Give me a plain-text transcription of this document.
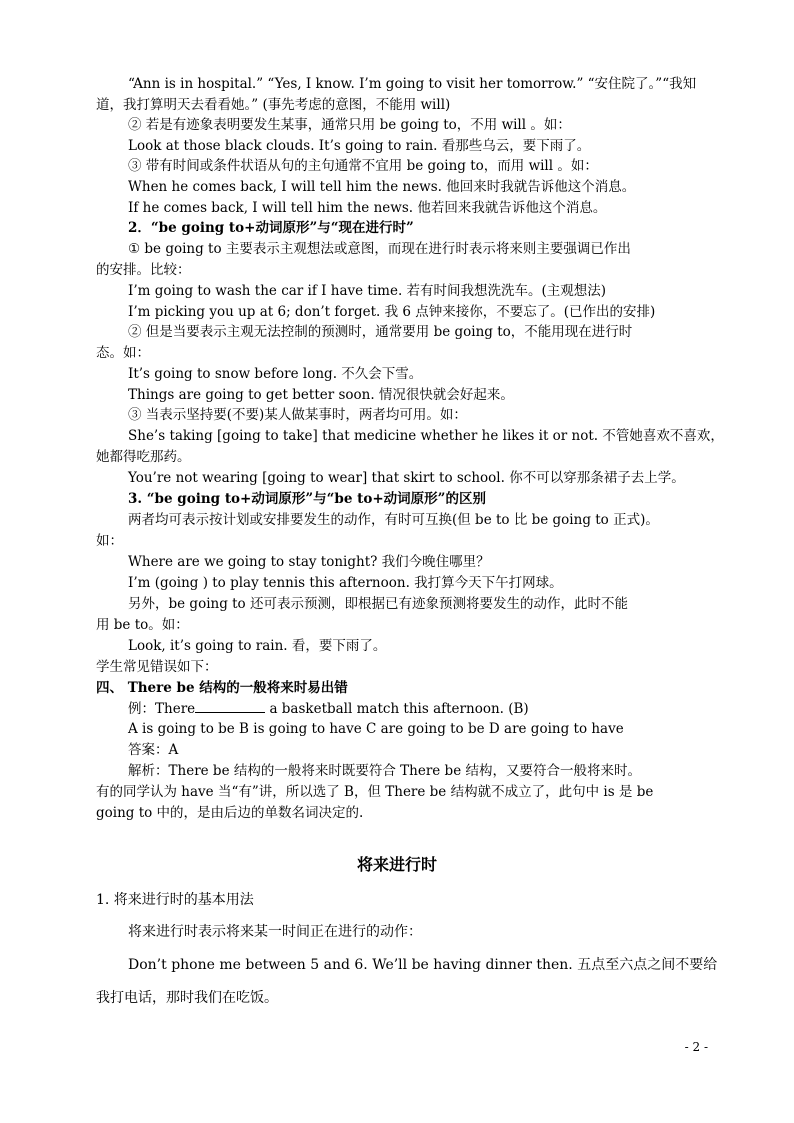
“Ann is in hospital.” “Yes, I know. I’m going to visit her tomorrow.” “安住院了。”“我知
道，我打算明天去看看她。” (事先考虑的意图，不能用 will)
② 若是有迹象表明要发生某事，通常只用 be going to，不用 will 。如：
Look at those black clouds. It’s going to rain. 看那些乌云，要下雨了。
③ 带有时间或条件状语从句的主句通常不宜用 be going to，而用 will 。如：
When he comes back, I will tell him the news. 他回来时我就告诉他这个消息。
If he comes back, I will tell him the news. 他若回来我就告诉他这个消息。
2．“be going to+动词原形”与“现在进行时”
① be going to 主要表示主观想法或意图，而现在进行时表示将来则主要强调已作出
的安排。比较：
I’m going to wash the car if I have time. 若有时间我想洗洗车。(主观想法)
I’m picking you up at 6; don’t forget. 我 6 点钟来接你，不要忘了。(已作出的安排)
② 但是当要表示主观无法控制的预测时，通常要用 be going to，不能用现在进行时
态。如：
It’s going to snow before long. 不久会下雪。
Things are going to get better soon. 情况很快就会好起来。
③ 当表示坚持要(不要)某人做某事时，两者均可用。如：
She’s taking [going to take] that medicine whether he likes it or not. 不管她喜欢不喜欢，
她都得吃那药。
You’re not wearing [going to wear] that skirt to school. 你不可以穿那条裙子去上学。
3. “be going to+动词原形”与“be to+动词原形”的区别
两者均可表示按计划或安排要发生的动作，有时可互换(但 be to 比 be going to 正式)。
如：
Where are we going to stay tonight? 我们今晚住哪里？
I’m (going ) to play tennis this afternoon. 我打算今天下午打网球。
另外，be going to 还可表示预测，即根据已有迹象预测将要发生的动作，此时不能
用 be to。如：
Look, it’s going to rain. 看，要下雨了。
学生常见错误如下：
四、 There be 结构的一般将来时易出错
例：There	a basketball match this afternoon. (B)
A is going to be B is going to have C are going to be D are going to have
答案：A
解析：There be 结构的一般将来时既要符合 There be 结构，又要符合一般将来时。
有的同学认为 have 当“有”讲，所以选了 B，但 There be 结构就不成立了，此句中 is 是 be
going to 中的，是由后边的单数名词决定的.
将来进行时
1. 将来进行时的基本用法
将来进行时表示将来某一时间正在进行的动作：
Don’t phone me between 5 and 6. We’ll be having dinner then. 五点至六点之间不要给
我打电话，那时我们在吃饭。
- 2 -
